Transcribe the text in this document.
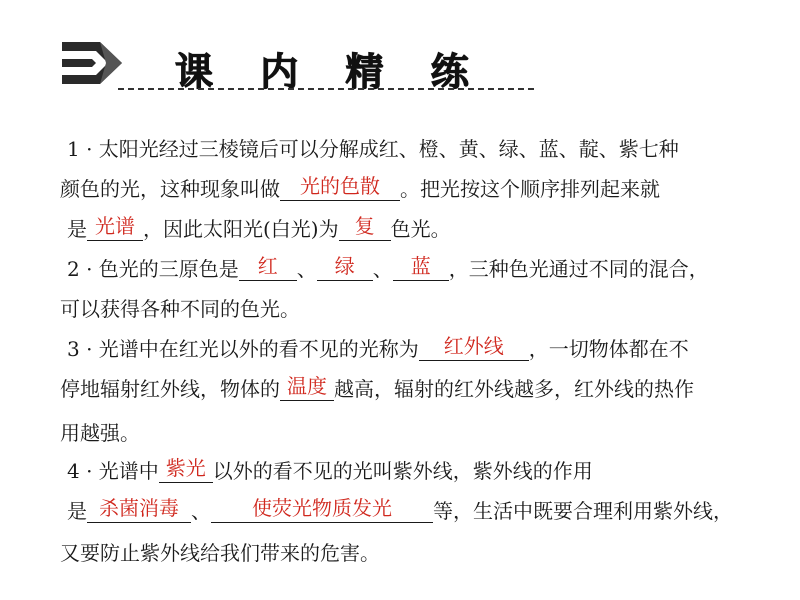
课 内 精 练
1 · 太阳光经过三棱镜后可以分解成红、橙、黄、绿、蓝、靛、紫七种
颜色的光，这种现象叫做 光的色散 。把光按这个顺序排列起来就
是 光谱 ，因此太阳光(白光)为 复 色光。
2 · 色光的三原色是 红 、 绿 、 蓝 ，三种色光通过不同的混合，
可以获得各种不同的色光。
3 · 光谱中在红光以外的看不见的光称为 红外线 ，一切物体都在不
停地辐射红外线，物体的 温度 越高，辐射的红外线越多，红外线的热作
用越强。
4 · 光谱中 紫光 以外的看不见的光叫紫外线，紫外线的作用
是 杀菌消毒 、 使荧光物质发光 等，生活中既要合理利用紫外线，
又要防止紫外线给我们带来的危害。
